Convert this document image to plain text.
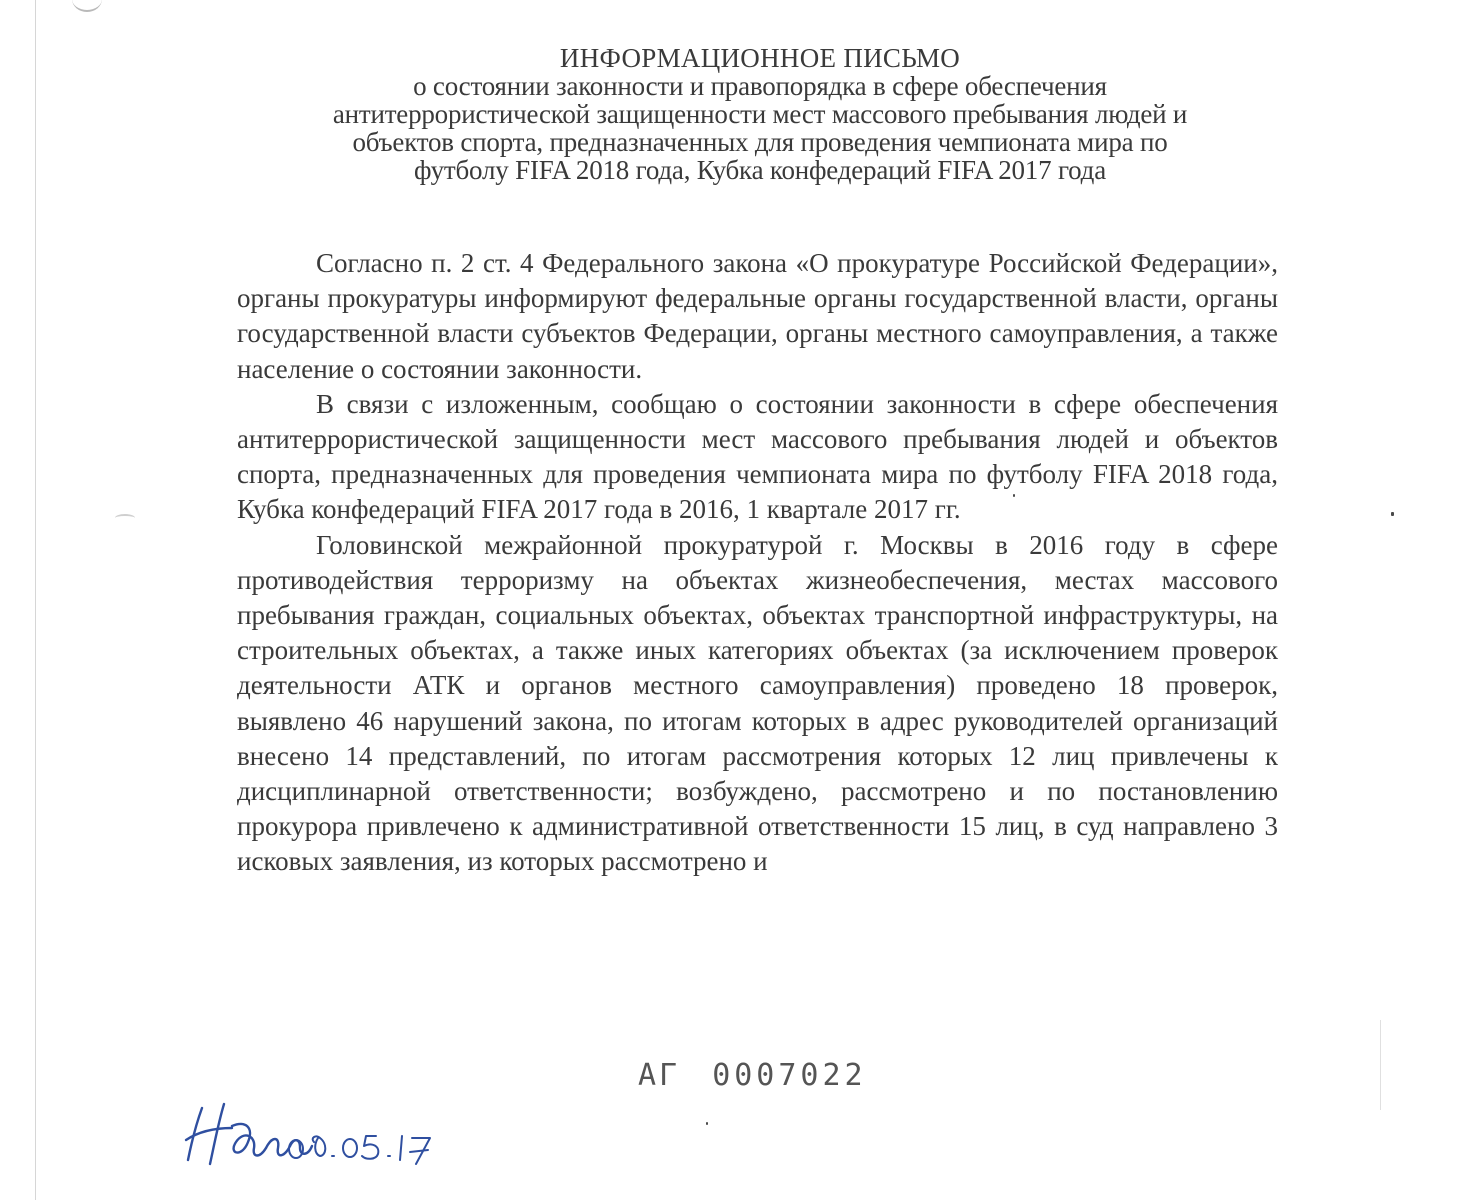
ИНФОРМАЦИОННОЕ ПИСЬМО
о состоянии законности и правопорядка в сфере обеспечения
антитеррористической защищенности мест массового пребывания людей и
объектов спорта, предназначенных для проведения чемпионата мира по
футболу FIFA 2018 года, Кубка конфедераций FIFA 2017 года

Согласно п. 2 ст. 4 Федерального закона «О прокуратуре Российской Федерации», органы прокуратуры информируют федеральные органы государственной власти, органы государственной власти субъектов Федерации, органы местного самоуправления, а также население о состоянии законности.

В связи с изложенным, сообщаю о состоянии законности в сфере обеспечения антитеррористической защищенности мест массового пребывания людей и объектов спорта, предназначенных для проведения чемпионата мира по футболу FIFA 2018 года, Кубка конфедераций FIFA 2017 года в 2016, 1 квартале 2017 гг.

Головинской межрайонной прокуратурой г. Москвы в 2016 году в сфере противодействия терроризму на объектах жизнеобеспечения, местах массового пребывания граждан, социальных объектах, объектах транспортной инфраструктуры, на строительных объектах, а также иных категориях объектах (за исключением проверок деятельности АТК и органов местного самоуправления) проведено 18 проверок, выявлено 46 нарушений закона, по итогам которых в адрес руководителей организаций внесено 14 представлений, по итогам рассмотрения которых 12 лиц привлечены к дисциплинарной ответственности; возбуждено, рассмотрено и по постановлению прокурора привлечено к административной ответственности 15 лиц, в суд направлено 3 исковых заявления, из которых рассмотрено и

АГ 0007022
